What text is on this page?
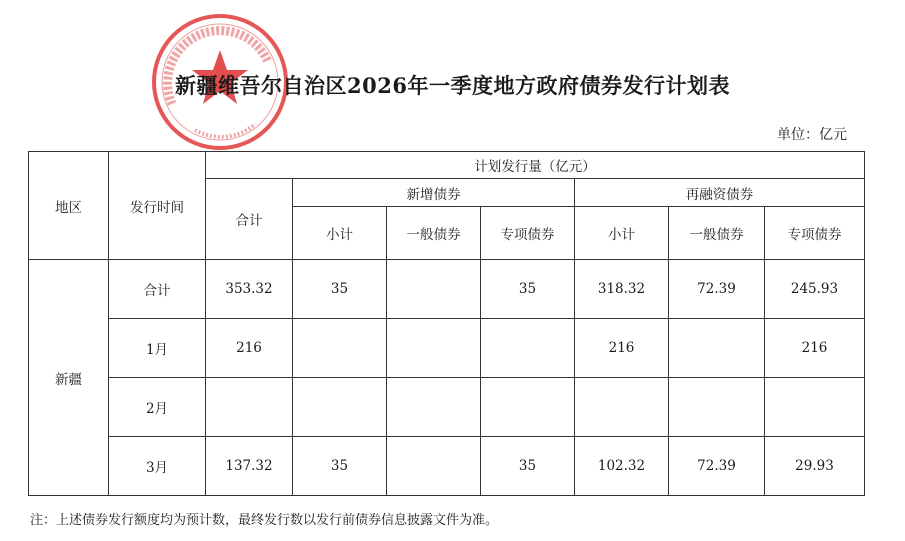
新疆维吾尔自治区2026年一季度地方政府债券发行计划表
单位：亿元
地区	发行时间	计划发行量（亿元）						
		合计	新增债券			再融资债券		
			小计	一般债券	专项债券	小计	一般债券	专项债券
新疆	合计	353.32	35		35	318.32	72.39	245.93
	1月	216				216		216
	2月							
	3月	137.32	35		35	102.32	72.39	29.93
注：上述债券发行额度均为预计数，最终发行数以发行前债券信息披露文件为准。
